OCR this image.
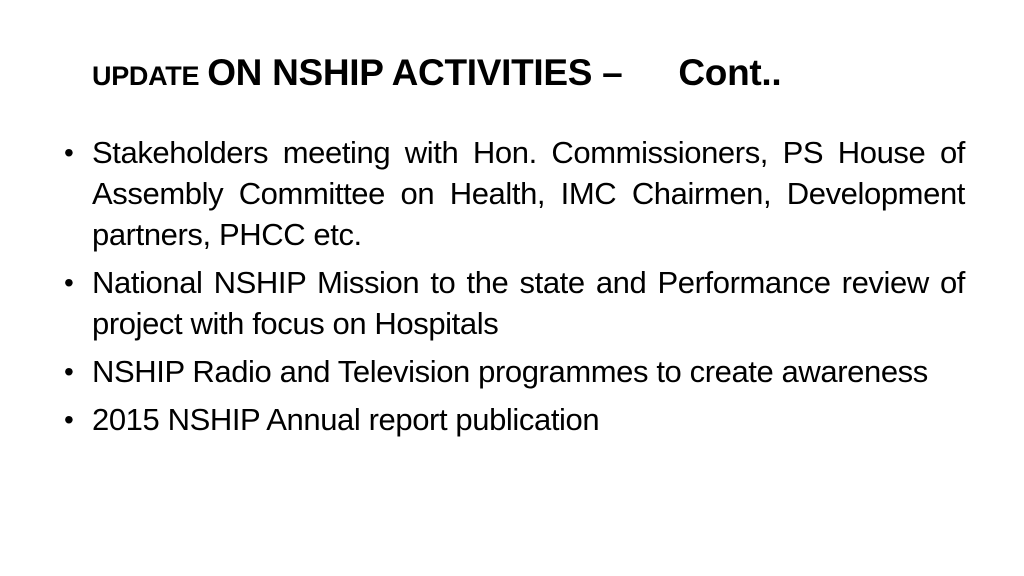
UPDATE ON NSHIP ACTIVITIES – Cont..
• Stakeholders meeting with Hon. Commissioners, PS House of Assembly Committee on Health, IMC Chairmen, Development partners, PHCC etc.
• National NSHIP Mission to the state and Performance review of project with focus on Hospitals
• NSHIP Radio and Television programmes to create awareness
• 2015 NSHIP Annual report publication
